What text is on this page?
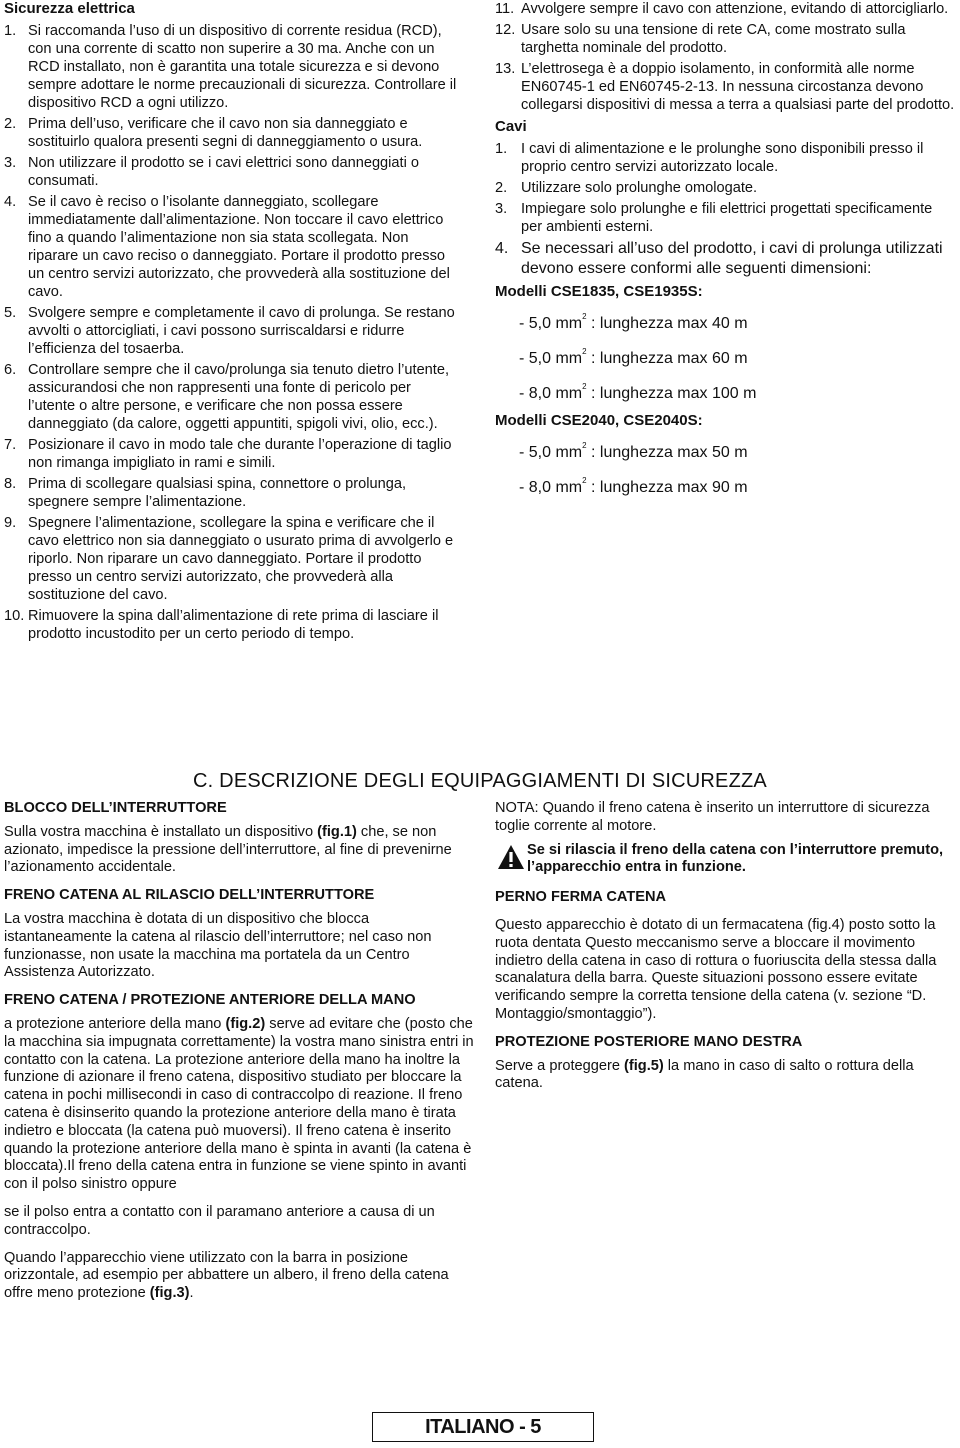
Sicurezza elettrica
1. Si raccomanda l’uso di un dispositivo di corrente residua (RCD), con una corrente di scatto non superire a 30 ma. Anche con un RCD installato, non è garantita una totale sicurezza e si devono sempre adottare le norme precauzionali di sicurezza. Controllare il dispositivo RCD a ogni utilizzo.
2. Prima dell’uso, verificare che il cavo non sia danneggiato e sostituirlo qualora presenti segni di danneggiamento o usura.
3. Non utilizzare il prodotto se i cavi elettrici sono danneggiati o consumati.
4. Se il cavo è reciso o l’isolante danneggiato, scollegare immediatamente dall’alimentazione. Non toccare il cavo elettrico fino a quando l’alimentazione non sia stata scollegata. Non riparare un cavo reciso o danneggiato. Portare il prodotto presso un centro servizi autorizzato, che provvederà alla sostituzione del cavo.
5. Svolgere sempre e completamente il cavo di prolunga. Se restano avvolti o attorcigliati, i cavi possono surriscaldarsi e ridurre l’efficienza del tosaerba.
6. Controllare sempre che il cavo/prolunga sia tenuto dietro l’utente, assicurandosi che non rappresenti una fonte di pericolo per l’utente o altre persone, e verificare che non possa essere danneggiato (da calore, oggetti appuntiti, spigoli vivi, olio, ecc.).
7. Posizionare il cavo in modo tale che durante l’operazione di taglio non rimanga impigliato in rami e simili.
8. Prima di scollegare qualsiasi spina, connettore o prolunga, spegnere sempre l’alimentazione.
9. Spegnere l’alimentazione, scollegare la spina e verificare che il cavo elettrico non sia danneggiato o usurato prima di avvolgerlo e riporlo. Non riparare un cavo danneggiato. Portare il prodotto presso un centro servizi autorizzato, che provvederà alla sostituzione del cavo.
10. Rimuovere la spina dall’alimentazione di rete prima di lasciare il prodotto incustodito per un certo periodo di tempo.
11. Avvolgere sempre il cavo con attenzione, evitando di attorcigliarlo.
12. Usare solo su una tensione di rete CA, come mostrato sulla targhetta nominale del prodotto.
13. L’elettrosega è a doppio isolamento, in conformità alle norme EN60745-1 ed EN60745-2-13. In nessuna circostanza devono collegarsi dispositivi di messa a terra a qualsiasi parte del prodotto.
Cavi
1. I cavi di alimentazione e le prolunghe sono disponibili presso il proprio centro servizi autorizzato locale.
2. Utilizzare solo prolunghe omologate.
3. Impiegare solo prolunghe e fili elettrici progettati specificamente per ambienti esterni.
4. Se necessari all’uso del prodotto, i cavi di prolunga utilizzati devono essere conformi alle seguenti dimensioni:
Modelli CSE1835, CSE1935S:
- 5,0 $mm^2$ : lunghezza max 40 m
- 5,0 $mm^2$ : lunghezza max 60 m
- 8,0 $mm^2$ : lunghezza max 100 m
Modelli CSE2040, CSE2040S:
- 5,0 $mm^2$ : lunghezza max 50 m
- 8,0 $mm^2$ : lunghezza max 90 m
C. DESCRIZIONE DEGLI EQUIPAGGIAMENTI DI SICUREZZA
BLOCCO DELL’INTERRUTTORE

Sulla vostra macchina è installato un dispositivo (fig.1) che, se non azionato, impedisce la pressione dell’interruttore, al fine di prevenirne l’azionamento accidentale.

FRENO CATENA AL RILASCIO DELL’INTERRUTTORE

La vostra macchina è dotata di un dispositivo che blocca istantaneamente la catena al rilascio dell’interruttore; nel caso non funzionasse, non usate la macchina ma portatela da un Centro Assistenza Autorizzato.

FRENO CATENA / PROTEZIONE ANTERIORE DELLA MANO

a protezione anteriore della mano (fig.2) serve ad evitare che (posto che la macchina sia impugnata correttamente) la vostra mano sinistra entri in contatto con la catena. La protezione anteriore della mano ha inoltre la funzione di azionare il freno catena, dispositivo studiato per bloccare la catena in pochi millisecondi in caso di contraccolpo di reazione. Il freno catena è disinserito quando la protezione anteriore della mano è tirata indietro e bloccata (la catena può muoversi). Il freno catena è inserito quando la protezione anteriore della mano è spinta in avanti (la catena è bloccata).Il freno della catena entra in funzione se viene spinto in avanti con il polso sinistro oppure

se il polso entra a contatto con il paramano anteriore a causa di un contraccolpo.

Quando l’apparecchio viene utilizzato con la barra in posizione orizzontale, ad esempio per abbattere un albero, il freno della catena offre meno protezione (fig.3).

NOTA: Quando il freno catena è inserito un interruttore di sicurezza toglie corrente al motore.

Se si rilascia il freno della catena con l’interruttore premuto, l’apparecchio entra in funzione.
PERNO FERMA CATENA

Questo apparecchio è dotato di un fermacatena (fig.4) posto sotto la ruota dentata Questo meccanismo serve a bloccare il movimento indietro della catena in caso di rottura o fuoriuscita della stessa dalla scanalatura della barra. Queste situazioni possono essere evitate verificando sempre la corretta tensione della catena (v. sezione “D. Montaggio/smontaggio”).

PROTEZIONE POSTERIORE MANO DESTRA

Serve a proteggere (fig.5) la mano in caso di salto o rottura della catena.

ITALIANO - 5
